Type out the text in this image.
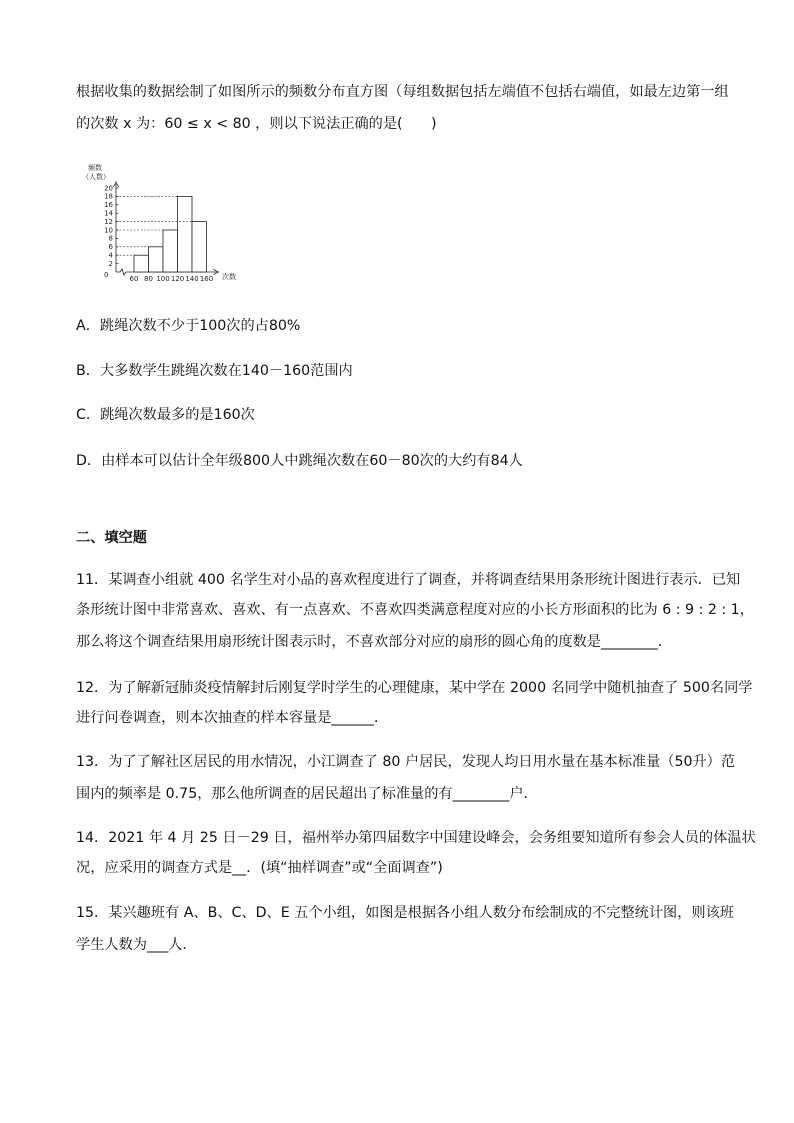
根据收集的数据绘制了如图所示的频数分布直方图（每组数据包括左端值不包括右端值，如最左边第一组
的次数 x 为：60 ≤ x < 80 ，则以下说法正确的是(　　)
频数
（人数）
次数
0
2
4
6
8
10
12
14
16
18
20
60 80 100 120 140 160
A．跳绳次数不少于100次的占80%
B．大多数学生跳绳次数在140－160范围内
C．跳绳次数最多的是160次
D．由样本可以估计全年级800人中跳绳次数在60－80次的大约有84人
二、填空题
11．某调查小组就 400 名学生对小品的喜欢程度进行了调查，并将调查结果用条形统计图进行表示．已知
条形统计图中非常喜欢、喜欢、有一点喜欢、不喜欢四类满意程度对应的小长方形面积的比为 6 : 9 : 2 : 1，
那么将这个调查结果用扇形统计图表示时，不喜欢部分对应的扇形的圆心角的度数是________．
12．为了解新冠肺炎疫情解封后刚复学时学生的心理健康，某中学在 2000 名同学中随机抽查了 500名同学
进行问卷调查，则本次抽查的样本容量是______．
13．为了了解社区居民的用水情况，小江调查了 80 户居民，发现人均日用水量在基本标准量（50升）范
围内的频率是 0.75，那么他所调查的居民超出了标准量的有________户．
14．2021 年 4 月 25 日－29 日，福州举办第四届数字中国建设峰会，会务组要知道所有参会人员的体温状
况，应采用的调查方式是__．(填“抽样调查”或“全面调查”)
15．某兴趣班有 A、B、C、D、E 五个小组，如图是根据各小组人数分布绘制成的不完整统计图，则该班
学生人数为___人．
